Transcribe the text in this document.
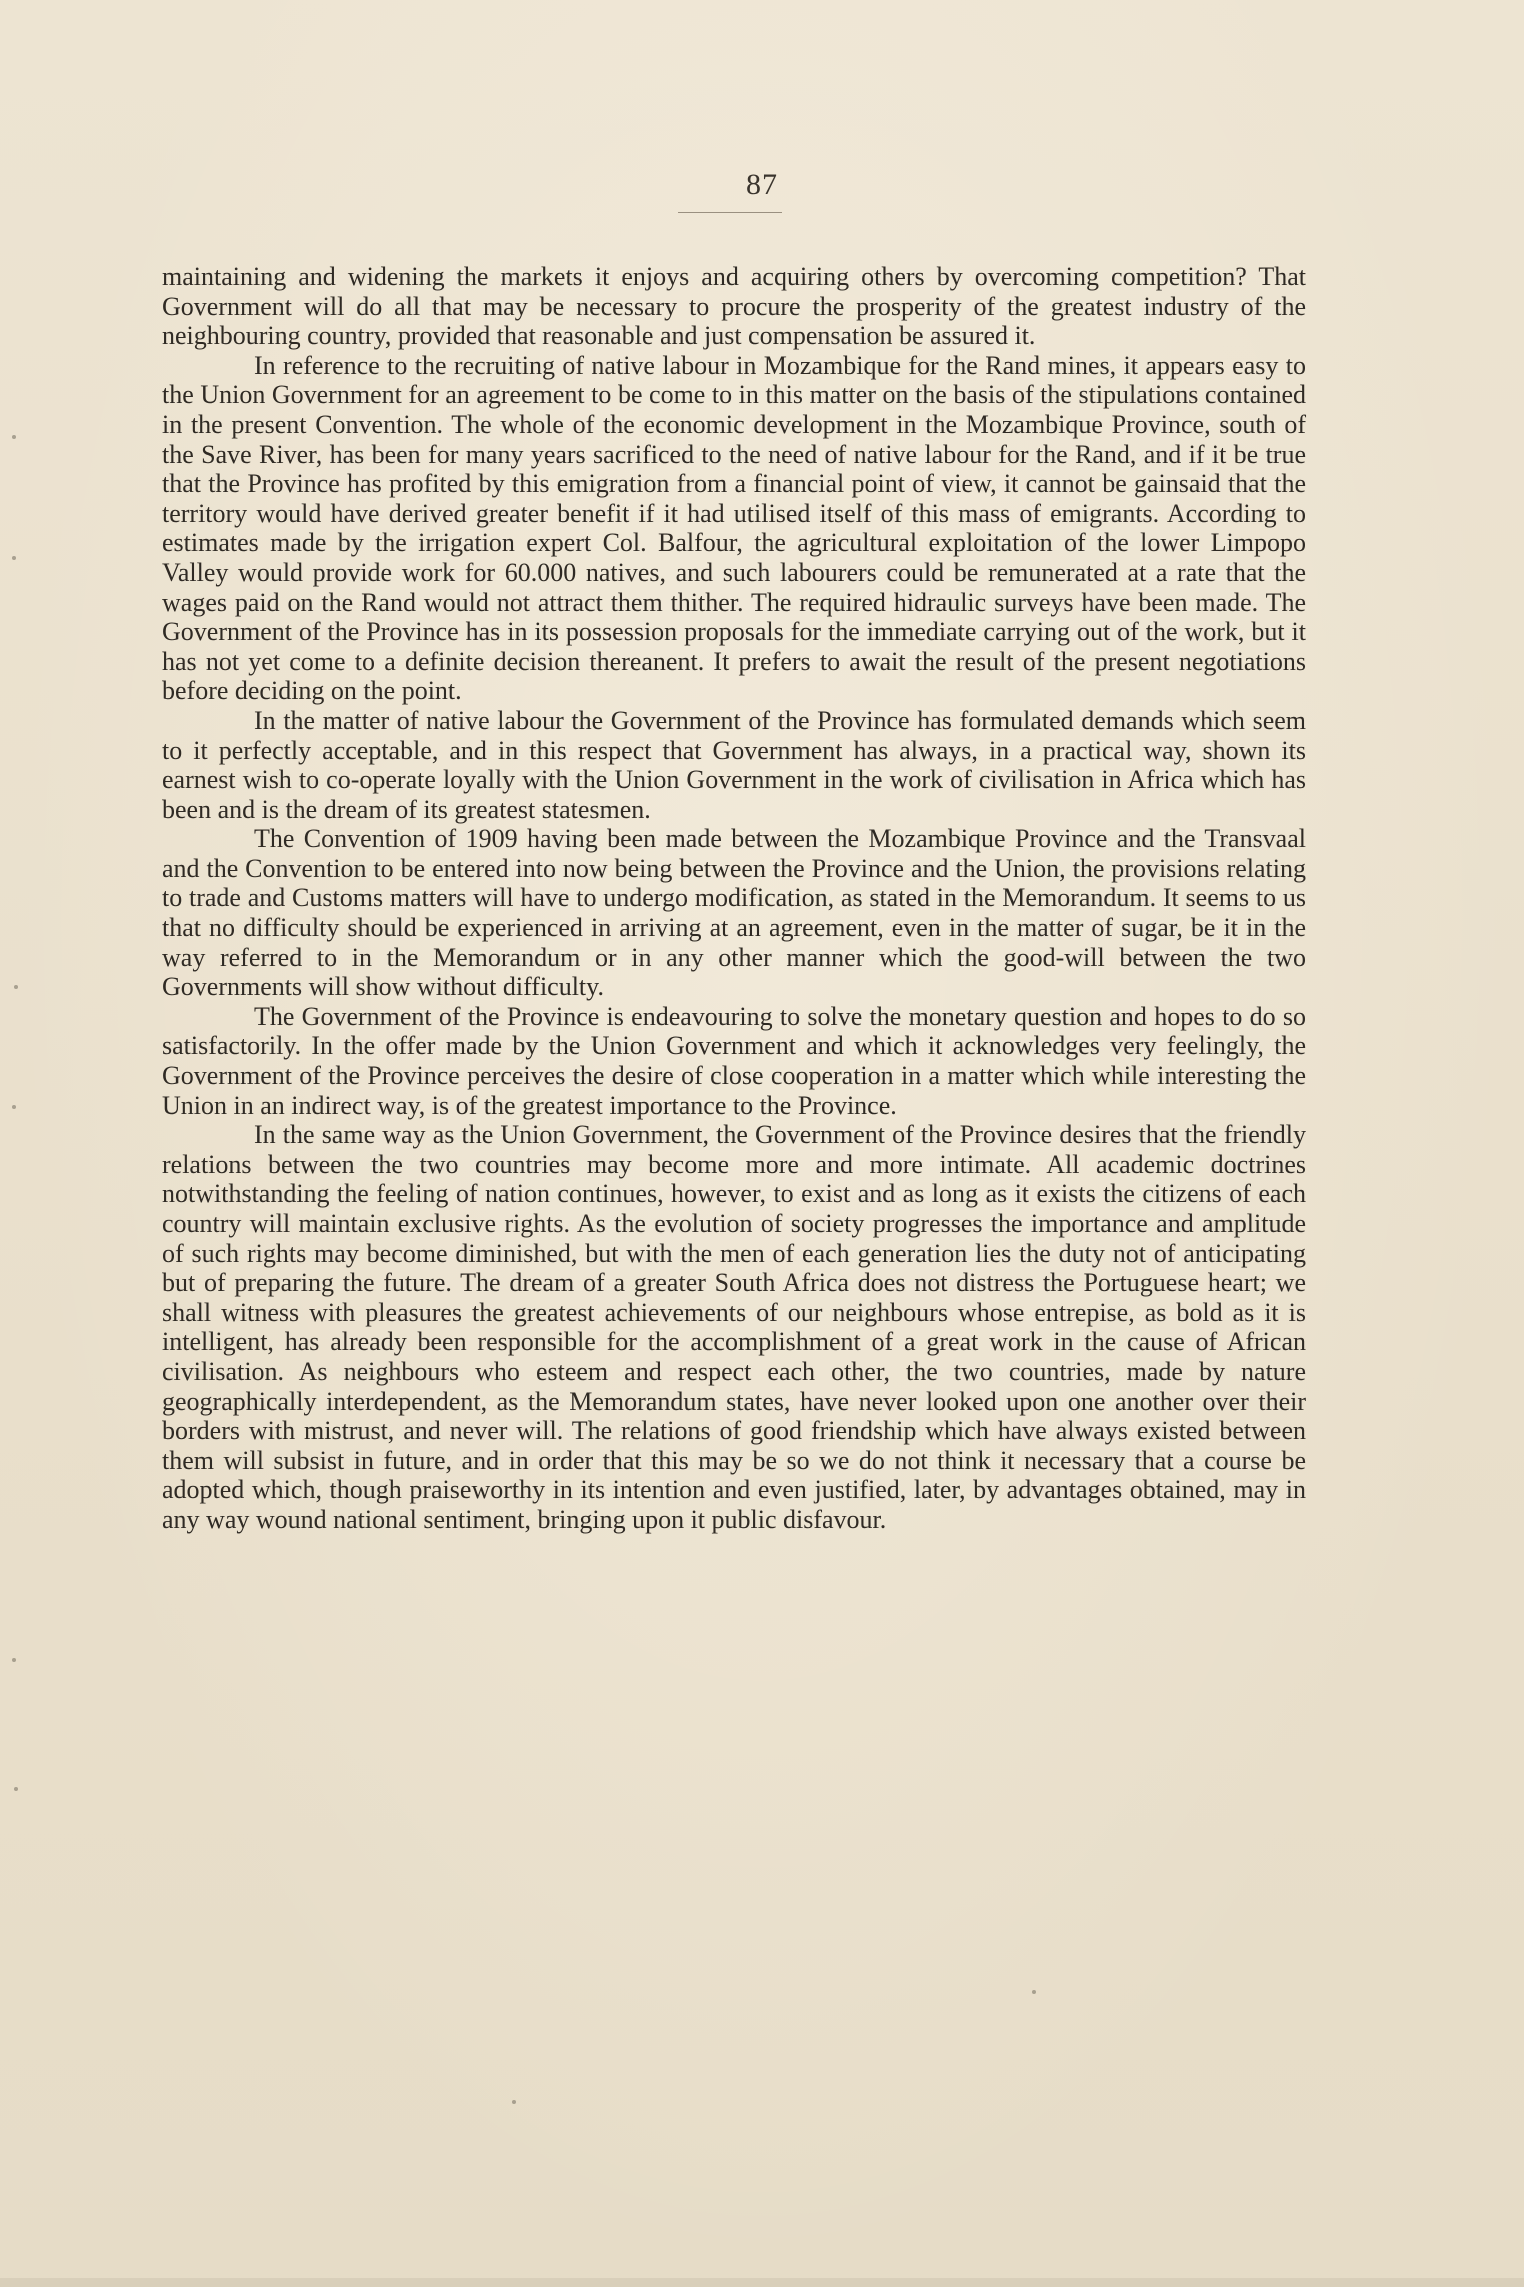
87

maintaining and widening the markets it enjoys and acquiring others by overcoming competition? That Government will do all that may be necessary to procure the prosperity of the greatest industry of the neighbouring country, provided that reasonable and just compensation be assured it.

In reference to the recruiting of native labour in Mozambique for the Rand mines, it appears easy to the Union Government for an agreement to be come to in this matter on the basis of the stipulations contained in the present Convention. The whole of the economic development in the Mozambique Province, south of the Save River, has been for many years sacrificed to the need of native labour for the Rand, and if it be true that the Province has profited by this emigration from a financial point of view, it cannot be gainsaid that the territory would have derived greater benefit if it had utilised itself of this mass of emigrants. According to estimates made by the irrigation expert Col. Balfour, the agricultural exploitation of the lower Limpopo Valley would provide work for 60.000 natives, and such labourers could be remunerated at a rate that the wages paid on the Rand would not attract them thither. The required hidraulic surveys have been made. The Government of the Province has in its possession proposals for the immediate carrying out of the work, but it has not yet come to a definite decision thereanent. It prefers to await the result of the present negotiations before deciding on the point.

In the matter of native labour the Government of the Province has formulated demands which seem to it perfectly acceptable, and in this respect that Government has always, in a practical way, shown its earnest wish to co-operate loyally with the Union Government in the work of civilisation in Africa which has been and is the dream of its greatest statesmen.

The Convention of 1909 having been made between the Mozambique Province and the Transvaal and the Convention to be entered into now being between the Province and the Union, the provisions relating to trade and Customs matters will have to undergo modification, as stated in the Memorandum. It seems to us that no difficulty should be experienced in arriving at an agreement, even in the matter of sugar, be it in the way referred to in the Memorandum or in any other manner which the good-will between the two Governments will show without difficulty.

The Government of the Province is endeavouring to solve the monetary question and hopes to do so satisfactorily. In the offer made by the Union Government and which it acknowledges very feelingly, the Government of the Province perceives the desire of close cooperation in a matter which while interesting the Union in an indirect way, is of the greatest importance to the Province.

In the same way as the Union Government, the Government of the Province desires that the friendly relations between the two countries may become more and more intimate. All academic doctrines notwithstanding the feeling of nation continues, however, to exist and as long as it exists the citizens of each country will maintain exclusive rights. As the evolution of society progresses the importance and amplitude of such rights may become diminished, but with the men of each generation lies the duty not of anticipating but of preparing the future. The dream of a greater South Africa does not distress the Portuguese heart; we shall witness with pleasures the greatest achievements of our neighbours whose entrepise, as bold as it is intelligent, has already been responsible for the accomplishment of a great work in the cause of African civilisation. As neighbours who esteem and respect each other, the two countries, made by nature geographically interdependent, as the Memorandum states, have never looked upon one another over their borders with mistrust, and never will. The relations of good friendship which have always existed between them will subsist in future, and in order that this may be so we do not think it necessary that a course be adopted which, though praiseworthy in its intention and even justified, later, by advantages obtained, may in any way wound national sentiment, bringing upon it public disfavour.
